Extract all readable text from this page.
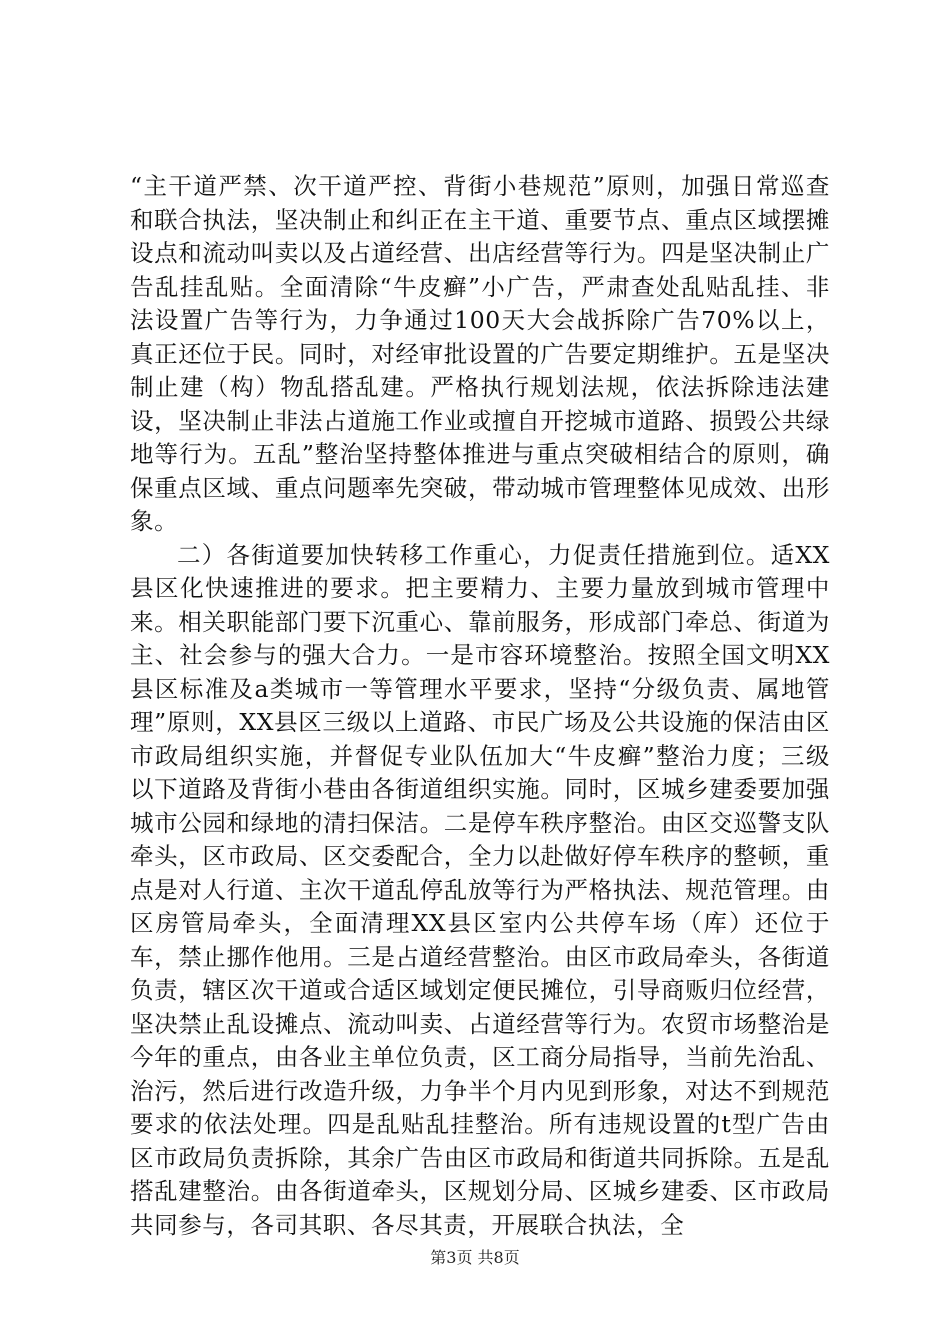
“主干道严禁、次干道严控、背街小巷规范”原则，加强日常巡查和联合执法，坚决制止和纠正在主干道、重要节点、重点区域摆摊设点和流动叫卖以及占道经营、出店经营等行为。四是坚决制止广告乱挂乱贴。全面清除“牛皮癣”小广告，严肃查处乱贴乱挂、非法设置广告等行为，力争通过100天大会战拆除广告70%以上，真正还位于民。同时，对经审批设置的广告要定期维护。五是坚决制止建（构）物乱搭乱建。严格执行规划法规，依法拆除违法建设，坚决制止非法占道施工作业或擅自开挖城市道路、损毁公共绿地等行为。五乱”整治坚持整体推进与重点突破相结合的原则，确保重点区域、重点问题率先突破，带动城市管理整体见成效、出形象。

二）各街道要加快转移工作重心，力促责任措施到位。适XX县区化快速推进的要求。把主要精力、主要力量放到城市管理中来。相关职能部门要下沉重心、靠前服务，形成部门牵总、街道为主、社会参与的强大合力。一是市容环境整治。按照全国文明XX县区标准及a类城市一等管理水平要求，坚持“分级负责、属地管理”原则，XX县区三级以上道路、市民广场及公共设施的保洁由区市政局组织实施，并督促专业队伍加大“牛皮癣”整治力度；三级以下道路及背街小巷由各街道组织实施。同时，区城乡建委要加强城市公园和绿地的清扫保洁。二是停车秩序整治。由区交巡警支队牵头，区市政局、区交委配合，全力以赴做好停车秩序的整顿，重点是对人行道、主次干道乱停乱放等行为严格执法、规范管理。由区房管局牵头，全面清理XX县区室内公共停车场（库）还位于车，禁止挪作他用。三是占道经营整治。由区市政局牵头，各街道负责，辖区次干道或合适区域划定便民摊位，引导商贩归位经营，坚决禁止乱设摊点、流动叫卖、占道经营等行为。农贸市场整治是今年的重点，由各业主单位负责，区工商分局指导，当前先治乱、治污，然后进行改造升级，力争半个月内见到形象，对达不到规范要求的依法处理。四是乱贴乱挂整治。所有违规设置的t型广告由区市政局负责拆除，其余广告由区市政局和街道共同拆除。五是乱搭乱建整治。由各街道牵头，区规划分局、区城乡建委、区市政局共同参与，各司其职、各尽其责，开展联合执法，全

第3页 共8页
